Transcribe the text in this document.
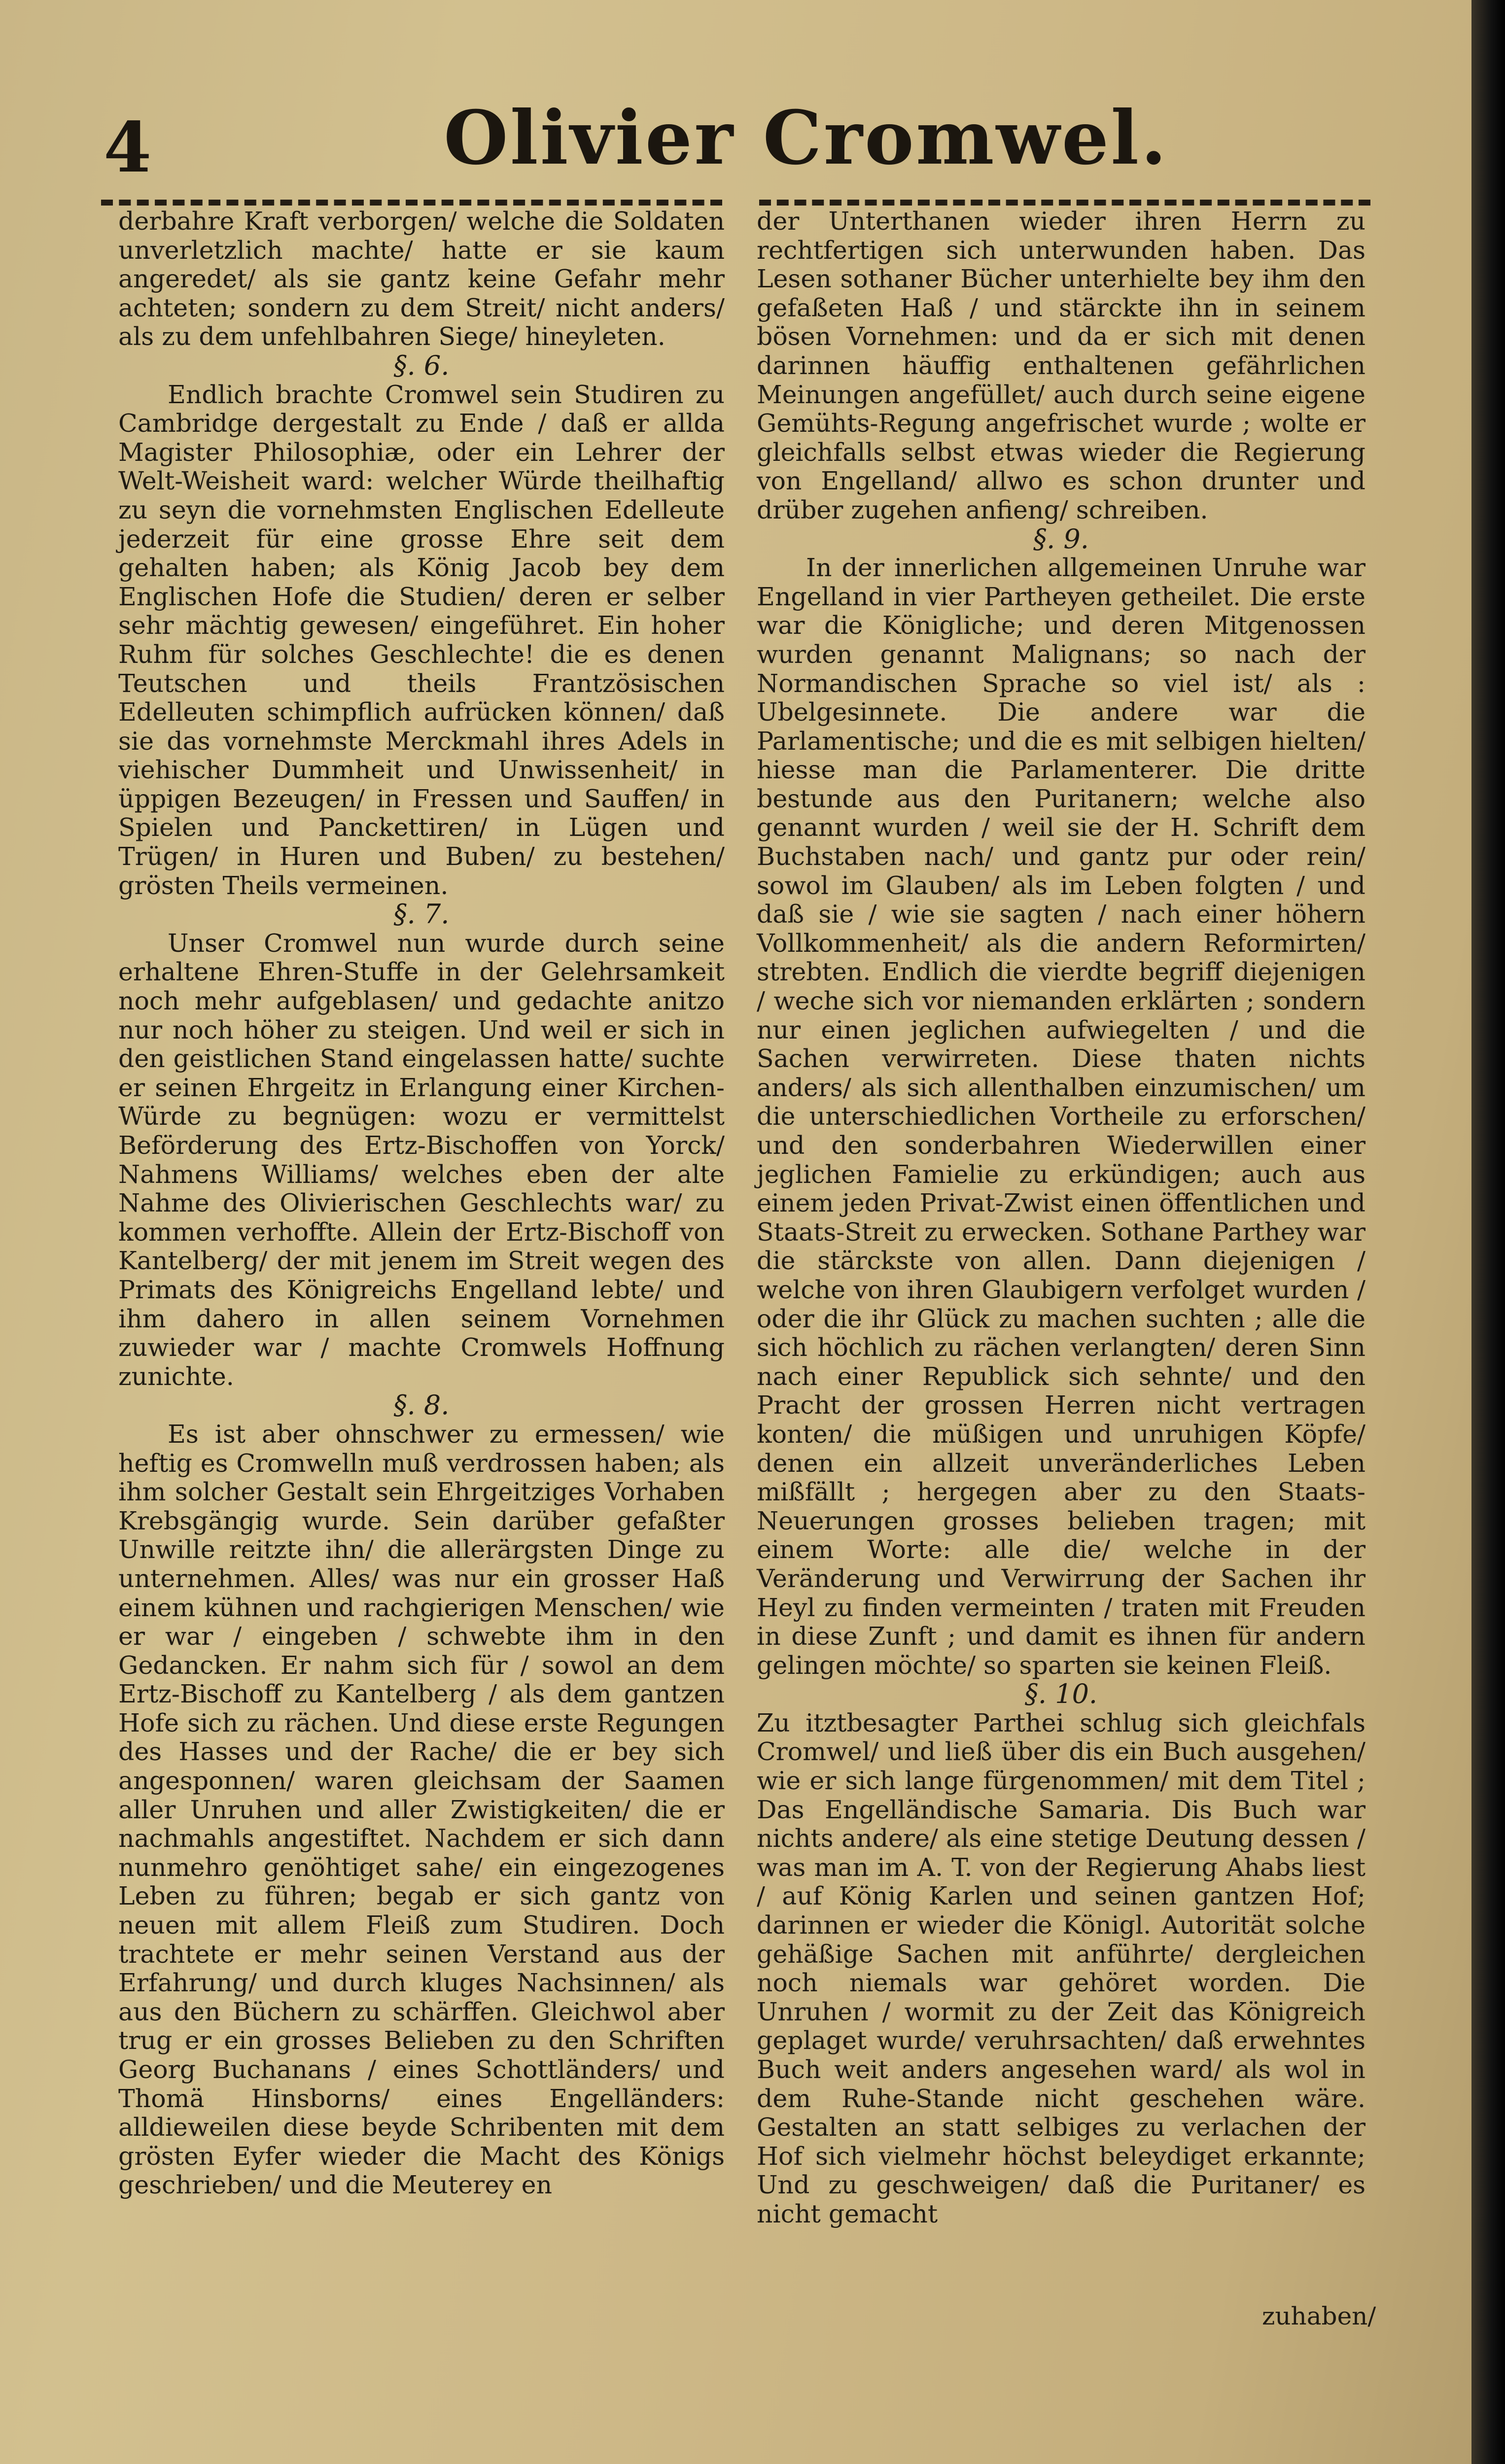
4	Olivier Cromwel.

derbahre Kraft verborgen/ welche die Soldaten unverletzlich machte/ hatte er sie kaum angeredet/ als sie gantz keine Gefahr mehr achteten; sondern zu dem Streit/ nicht anders/ als zu dem unfehlbahren Siege/ hineyleten.

§. 6.

Endlich brachte Cromwel sein Studiren zu Cambridge dergestalt zu Ende / daß er allda Magister Philosophiæ, oder ein Lehrer der Welt-Weisheit ward: welcher Würde theilhaftig zu seyn die vornehmsten Englischen Edelleute jederzeit für eine grosse Ehre seit dem gehalten haben; als König Jacob bey dem Englischen Hofe die Studien/ deren er selber sehr mächtig gewesen/ eingeführet. Ein hoher Ruhm für solches Geschlechte! die es denen Teutschen und theils Frantzösischen Edelleuten schimpflich aufrücken können/ daß sie das vornehmste Merckmahl ihres Adels in viehischer Dummheit und Unwissenheit/ in üppigen Bezeugen/ in Fressen und Sauffen/ in Spielen und Panckettiren/ in Lügen und Trügen/ in Huren und Buben/ zu bestehen/ grösten Theils vermeinen.

§. 7.

Unser Cromwel nun wurde durch seine erhaltene Ehren-Stuffe in der Gelehrsamkeit noch mehr aufgeblasen/ und gedachte anitzo nur noch höher zu steigen. Und weil er sich in den geistlichen Stand eingelassen hatte/ suchte er seinen Ehrgeitz in Erlangung einer Kirchen-Würde zu begnügen: wozu er vermittelst Beförderung des Ertz-Bischoffen von Yorck/ Nahmens Williams/ welches eben der alte Nahme des Olivierischen Geschlechts war/ zu kommen verhoffte. Allein der Ertz-Bischoff von Kantelberg/ der mit jenem im Streit wegen des Primats des Königreichs Engelland lebte/ und ihm dahero in allen seinem Vornehmen zuwieder war / machte Cromwels Hoffnung zunichte.

§. 8.

Es ist aber ohnschwer zu ermessen/ wie heftig es Cromwelln muß verdrossen haben; als ihm solcher Gestalt sein Ehrgeitziges Vorhaben Krebsgängig wurde. Sein darüber gefaßter Unwille reitzte ihn/ die allerärgsten Dinge zu unternehmen. Alles/ was nur ein grosser Haß einem kühnen und rachgierigen Menschen/ wie er war / eingeben / schwebte ihm in den Gedancken. Er nahm sich für / sowol an dem Ertz-Bischoff zu Kantelberg / als dem gantzen Hofe sich zu rächen. Und diese erste Regungen des Hasses und der Rache/ die er bey sich angesponnen/ waren gleichsam der Saamen aller Unruhen und aller Zwistigkeiten/ die er nachmahls angestiftet. Nachdem er sich dann nunmehro genöhtiget sahe/ ein eingezogenes Leben zu führen; begab er sich gantz von neuen mit allem Fleiß zum Studiren. Doch trachtete er mehr seinen Verstand aus der Erfahrung/ und durch kluges Nachsinnen/ als aus den Büchern zu schärffen. Gleichwol aber trug er ein grosses Belieben zu den Schriften Georg Buchanans / eines Schottländers/ und Thomä Hinsborns/ eines Engelländers: alldieweilen diese beyde Schribenten mit dem grösten Eyfer wieder die Macht des Königs geschrieben/ und die Meuterey en

der Unterthanen wieder ihren Herrn zu rechtfertigen sich unterwunden haben. Das Lesen sothaner Bücher unterhielte bey ihm den gefaßeten Haß / und stärckte ihn in seinem bösen Vornehmen: und da er sich mit denen darinnen häuffig enthaltenen gefährlichen Meinungen angefüllet/ auch durch seine eigene Gemühts-Regung angefrischet wurde ; wolte er gleichfalls selbst etwas wieder die Regierung von Engelland/ allwo es schon drunter und drüber zugehen anfieng/ schreiben.

§. 9.

In der innerlichen allgemeinen Unruhe war Engelland in vier Partheyen getheilet. Die erste war die Königliche; und deren Mitgenossen wurden genannt Malignans; so nach der Normandischen Sprache so viel ist/ als : Ubelgesinnete. Die andere war die Parlamentische; und die es mit selbigen hielten/ hiesse man die Parlamenterer. Die dritte bestunde aus den Puritanern; welche also genannt wurden / weil sie der H. Schrift dem Buchstaben nach/ und gantz pur oder rein/ sowol im Glauben/ als im Leben folgten / und daß sie / wie sie sagten / nach einer höhern Vollkommenheit/ als die andern Reformirten/ strebten. Endlich die vierdte begriff diejenigen / weche sich vor niemanden erklärten ; sondern nur einen jeglichen aufwiegelten / und die Sachen verwirreten. Diese thaten nichts anders/ als sich allenthalben einzumischen/ um die unterschiedlichen Vortheile zu erforschen/ und den sonderbahren Wiederwillen einer jeglichen Famielie zu erkündigen; auch aus einem jeden Privat-Zwist einen öffentlichen und Staats-Streit zu erwecken. Sothane Parthey war die stärckste von allen. Dann diejenigen / welche von ihren Glaubigern verfolget wurden / oder die ihr Glück zu machen suchten ; alle die sich höchlich zu rächen verlangten/ deren Sinn nach einer Republick sich sehnte/ und den Pracht der grossen Herren nicht vertragen konten/ die müßigen und unruhigen Köpfe/ denen ein allzeit unveränderliches Leben mißfällt ; hergegen aber zu den Staats-Neuerungen grosses belieben tragen; mit einem Worte: alle die/ welche in der Veränderung und Verwirrung der Sachen ihr Heyl zu finden vermeinten / traten mit Freuden in diese Zunft ; und damit es ihnen für andern gelingen möchte/ so sparten sie keinen Fleiß.

§. 10.

Zu itztbesagter Parthei schlug sich gleichfals Cromwel/ und ließ über dis ein Buch ausgehen/ wie er sich lange fürgenommen/ mit dem Titel ; Das Engelländische Samaria. Dis Buch war nichts andere/ als eine stetige Deutung dessen / was man im A. T. von der Regierung Ahabs liest / auf König Karlen und seinen gantzen Hof; darinnen er wieder die Königl. Autorität solche gehäßige Sachen mit anführte/ dergleichen noch niemals war gehöret worden. Die Unruhen / wormit zu der Zeit das Königreich geplaget wurde/ veruhrsachten/ daß erwehntes Buch weit anders angesehen ward/ als wol in dem Ruhe-Stande nicht geschehen wäre. Gestalten an statt selbiges zu verlachen der Hof sich vielmehr höchst beleydiget erkannte; Und zu geschweigen/ daß die Puritaner/ es nicht gemacht

zuhaben/
